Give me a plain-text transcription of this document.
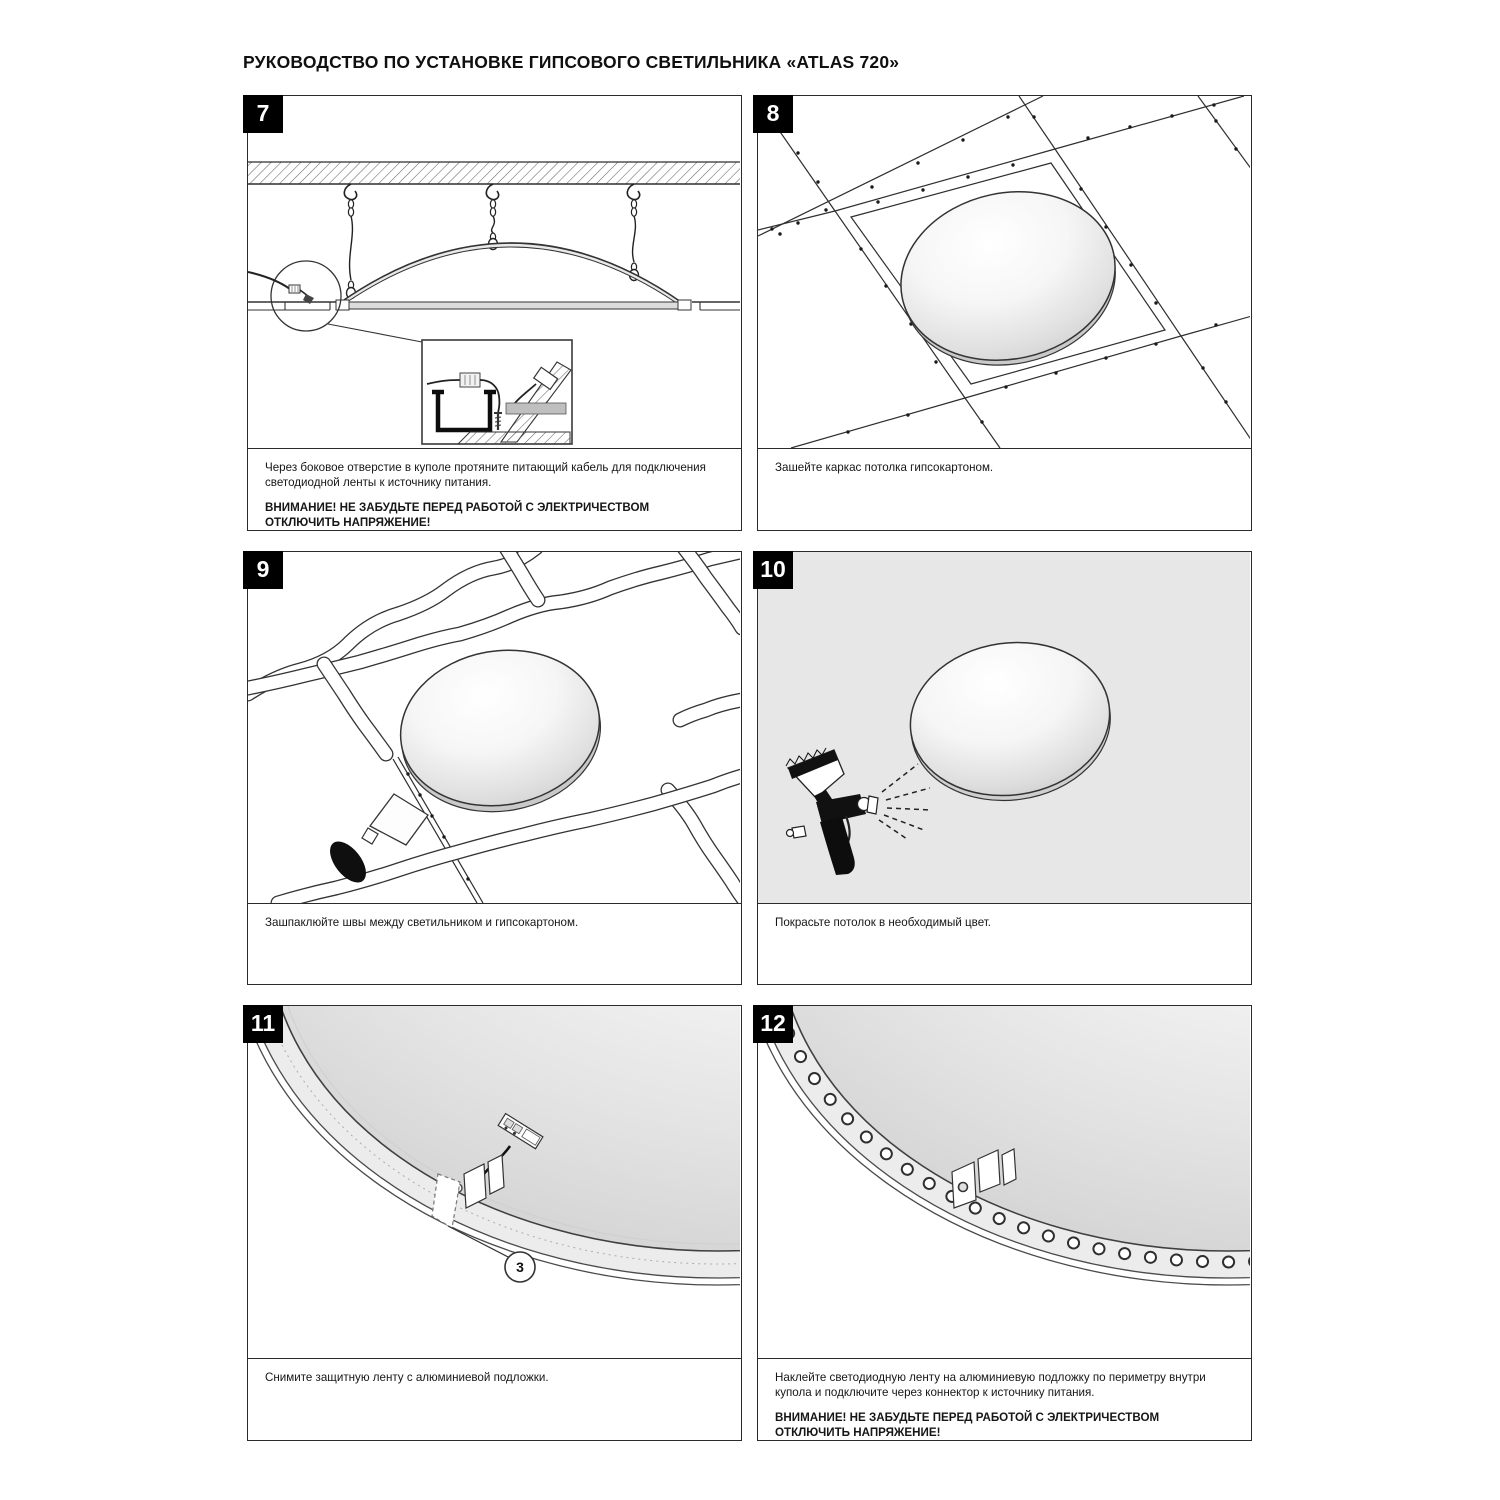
РУКОВОДСТВО ПО УСТАНОВКЕ ГИПСОВОГО СВЕТИЛЬНИКА «ATLAS 720»
7

Через боковое отверстие в куполе протяните питающий кабель для подключения светодиодной ленты к источнику питания.

ВНИМАНИЕ! НЕ ЗАБУДЬТЕ ПЕРЕД РАБОТОЙ С ЭЛЕКТРИЧЕСТВОМ ОТКЛЮЧИТЬ НАПРЯЖЕНИЕ!

8

Зашейте каркас потолка гипсокартоном.

9

Зашпаклюйте швы между светильником и гипсокартоном.

10

Покрасьте потолок в необходимый цвет.

11
3

Снимите защитную ленту с алюминиевой подложки.

12

Наклейте светодиодную ленту на алюминиевую подложку по периметру внутри купола и подключите через коннектор к источнику питания.

ВНИМАНИЕ! НЕ ЗАБУДЬТЕ ПЕРЕД РАБОТОЙ С ЭЛЕКТРИЧЕСТВОМ ОТКЛЮЧИТЬ НАПРЯЖЕНИЕ!
